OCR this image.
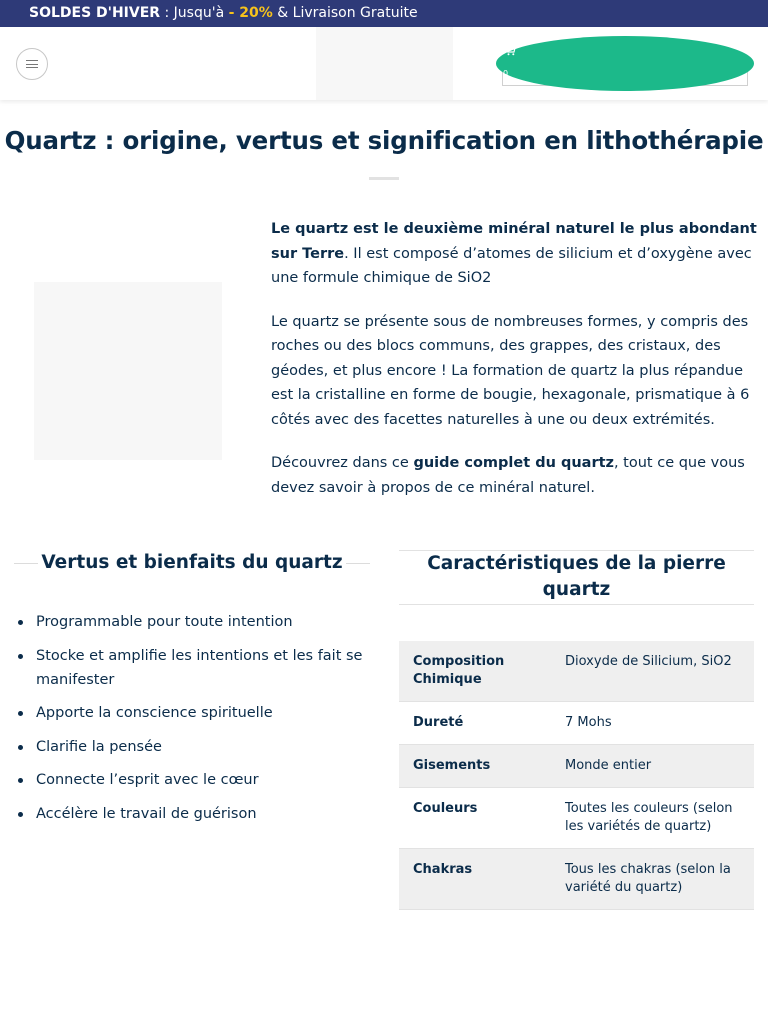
SOLDES D'HIVER : Jusqu'à - 20% & Livraison Gratuite
0
Quartz : origine, vertus et signification en lithothérapie

Le quartz est le deuxième minéral naturel le plus abondant sur Terre. Il est composé d’atomes de silicium et d’oxygène avec une formule chimique de SiO2

Le quartz se présente sous de nombreuses formes, y compris des roches ou des blocs communs, des grappes, des cristaux, des géodes, et plus encore ! La formation de quartz la plus répandue est la cristalline en forme de bougie, hexagonale, prismatique à 6 côtés avec des facettes naturelles à une ou deux extrémités.

Découvrez dans ce guide complet du quartz, tout ce que vous devez savoir à propos de ce minéral naturel.

Vertus et bienfaits du quartz
Programmable pour toute intention
Stocke et amplifie les intentions et les fait se manifester
Apporte la conscience spirituelle
Clarifie la pensée
Connecte l’esprit avec le cœur
Accélère le travail de guérison
Caractéristiques de la pierre quartz
Composition Chimique	Dioxyde de Silicium, SiO2
Dureté	7 Mohs
Gisements	Monde entier
Couleurs	Toutes les couleurs (selon les variétés de quartz)
Chakras	Tous les chakras (selon la variété du quartz)
